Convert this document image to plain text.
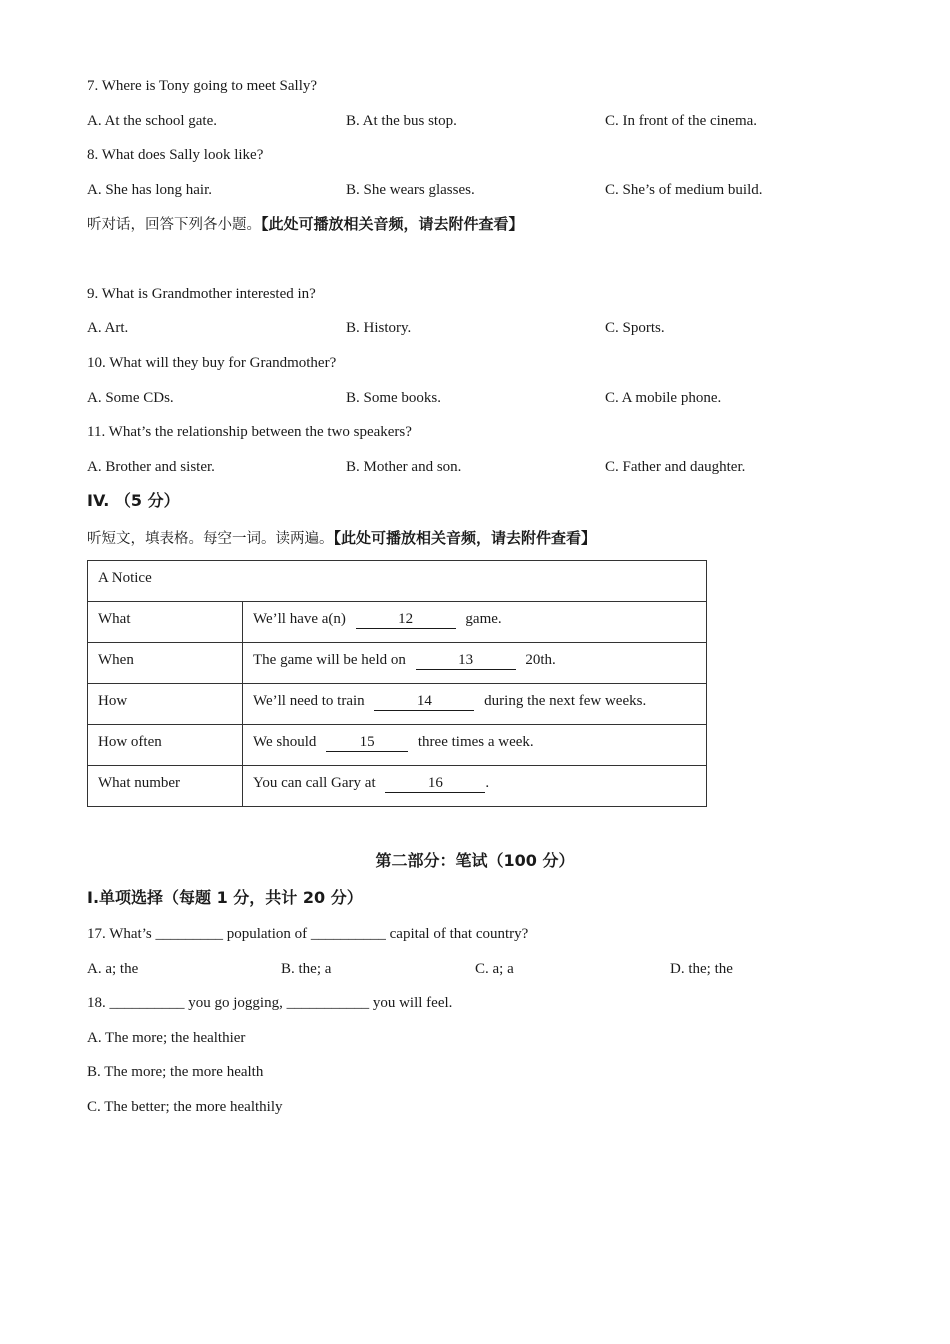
7. Where is Tony going to meet Sally?
A. At the school gate.	B. At the bus stop.	C. In front of the cinema.
8. What does Sally look like?
A. She has long hair.	B. She wears glasses.	C. She’s of medium build.
听对话，回答下列各小题。【此处可播放相关音频，请去附件查看】
9. What is Grandmother interested in?
A. Art.	B. History.	C. Sports.
10. What will they buy for Grandmother?
A. Some CDs.	B. Some books.	C. A mobile phone.
11. What’s the relationship between the two speakers?
A. Brother and sister.	B. Mother and son.	C. Father and daughter.
IV. （5 分）
听短文，填表格。每空一词。读两遍。【此处可播放相关音频，请去附件查看】
A Notice	
What	We’ll have a(n) 12 game.
When	The game will be held on 13 20th.
How	We’ll need to train 14 during the next few weeks.
How often	We should 15 three times a week.
What number	You can call Gary at 16 .
第二部分：笔试（100 分）
I.单项选择（每题 1 分，共计 20 分）
17. What’s _________ population of __________ capital of that country?
A. a; the	B. the; a	C. a; a	D. the; the
18. __________ you go jogging, ___________ you will feel.
A. The more; the healthier
B. The more; the more health
C. The better; the more healthily
